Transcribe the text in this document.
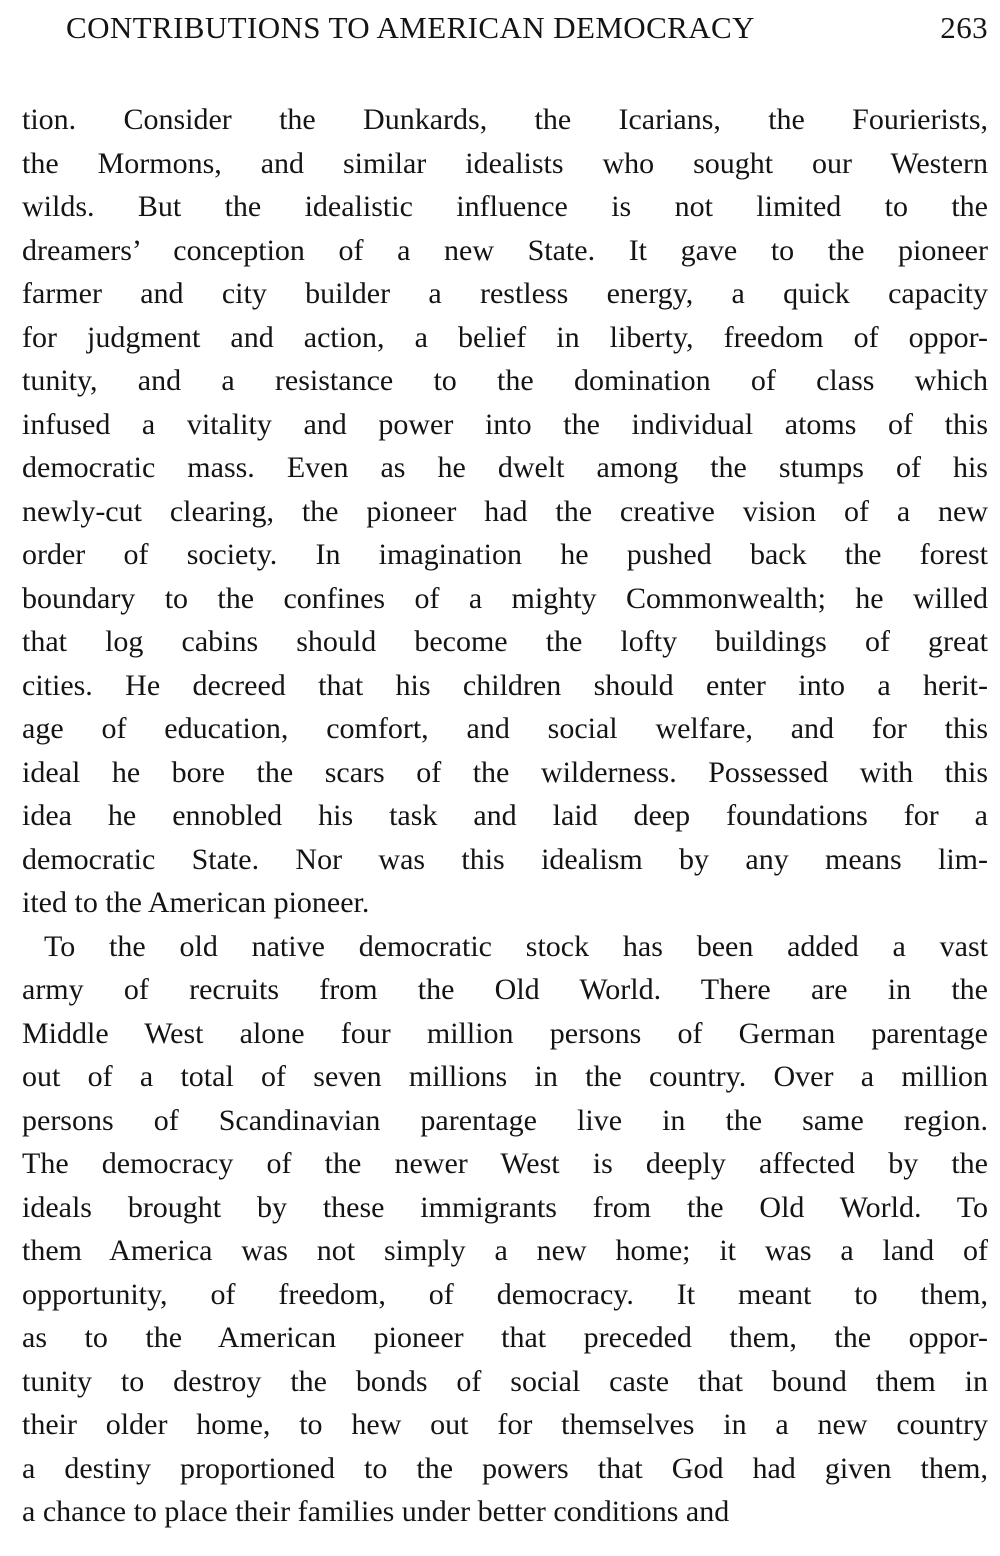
CONTRIBUTIONS TO AMERICAN DEMOCRACY	263

tion. Consider the Dunkards, the Icarians, the Fourierists,
the Mormons, and similar idealists who sought our Western
wilds. But the idealistic influence is not limited to the
dreamers’ conception of a new State. It gave to the pioneer
farmer and city builder a restless energy, a quick capacity
for judgment and action, a belief in liberty, freedom of oppor-
tunity, and a resistance to the domination of class which
infused a vitality and power into the individual atoms of this
democratic mass. Even as he dwelt among the stumps of his
newly-cut clearing, the pioneer had the creative vision of a new
order of society. In imagination he pushed back the forest
boundary to the confines of a mighty Commonwealth; he willed
that log cabins should become the lofty buildings of great
cities. He decreed that his children should enter into a herit-
age of education, comfort, and social welfare, and for this
ideal he bore the scars of the wilderness. Possessed with this
idea he ennobled his task and laid deep foundations for a
democratic State. Nor was this idealism by any means lim-
ited to the American pioneer.

To the old native democratic stock has been added a vast
army of recruits from the Old World. There are in the
Middle West alone four million persons of German parentage
out of a total of seven millions in the country. Over a million
persons of Scandinavian parentage live in the same region.
The democracy of the newer West is deeply affected by the
ideals brought by these immigrants from the Old World. To
them America was not simply a new home; it was a land of
opportunity, of freedom, of democracy. It meant to them,
as to the American pioneer that preceded them, the oppor-
tunity to destroy the bonds of social caste that bound them in
their older home, to hew out for themselves in a new country
a destiny proportioned to the powers that God had given them,
a chance to place their families under better conditions and
